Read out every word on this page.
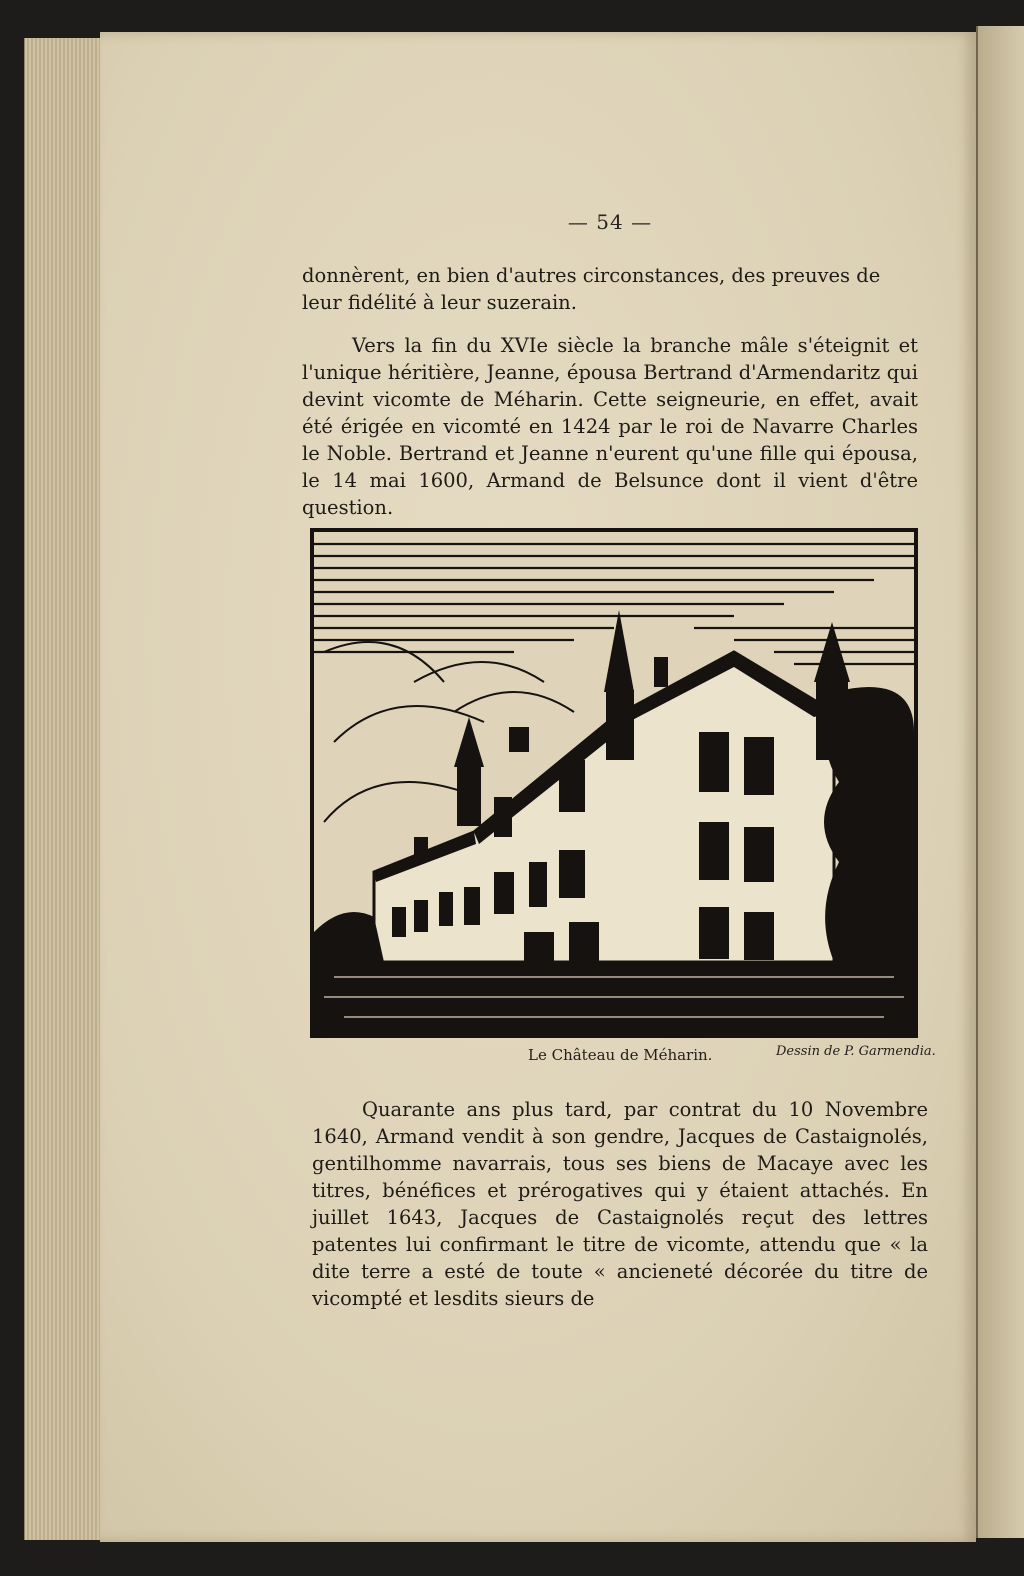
— 54 —

donnèrent, en bien d'autres circonstances, des preuves de leur fidélité à leur suzerain.

Vers la fin du XVIe siècle la branche mâle s'éteignit et l'unique héritière, Jeanne, épousa Bertrand d'Armendaritz qui devint vicomte de Méharin. Cette seigneurie, en effet, avait été érigée en vicomté en 1424 par le roi de Navarre Charles le Noble. Bertrand et Jeanne n'eurent qu'une fille qui épousa, le 14 mai 1600, Armand de Belsunce dont il vient d'être question.

Le Château de Méharin.	Dessin de P. Garmendia.

Quarante ans plus tard, par contrat du 10 Novembre 1640, Armand vendit à son gendre, Jacques de Castaignolés, gentilhomme navarrais, tous ses biens de Macaye avec les titres, bénéfices et prérogatives qui y étaient attachés. En juillet 1643, Jacques de Castaignolés reçut des lettres patentes lui confirmant le titre de vicomte, attendu que « la dite terre a esté de toute « ancieneté décorée du titre de vicompté et lesdits sieurs de
